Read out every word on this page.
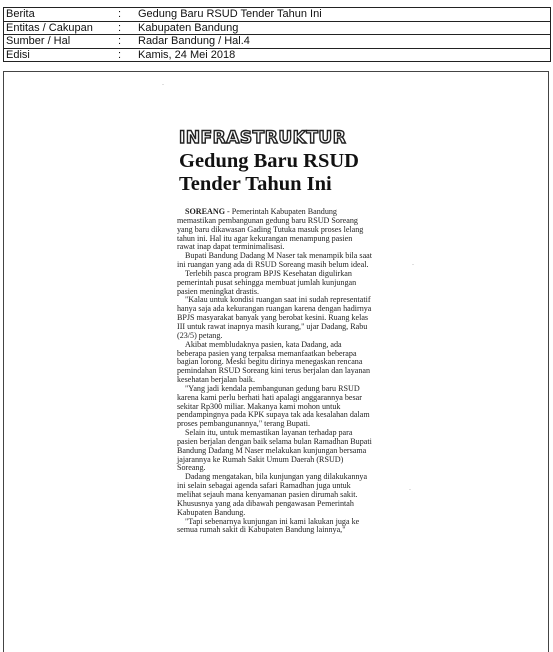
Berita	:	Gedung Baru RSUD Tender Tahun Ini
Entitas / Cakupan	:	Kabupaten Bandung
Sumber / Hal	:	Radar Bandung / Hal.4
Edisi	:	Kamis, 24 Mei 2018
INFRASTRUKTUR
Gedung Baru RSUD
Tender Tahun Ini

SOREANG - Pemerintah Kabupaten Bandung memastikan pembangunan gedung baru RSUD Soreang yang baru dikawasan Gading Tutuka masuk proses lelang tahun ini. Hal itu agar kekurangan menampung pasien rawat inap dapat terminimalisasi.

Bupati Bandung Dadang M Naser tak menampik bila saat ini ruangan yang ada di RSUD Soreang masih belum ideal.

Terlebih pasca program BPJS Kesehatan digulirkan pemerintah pusat sehingga membuat jumlah kunjungan pasien meningkat drastis.

"Kalau untuk kondisi ruangan saat ini sudah representatif hanya saja ada kekurangan ruangan karena dengan hadirnya BPJS masyarakat banyak yang berobat kesini. Ruang kelas III untuk rawat inapnya masih kurang," ujar Dadang, Rabu (23/5) petang.

Akibat membludaknya pasien, kata Dadang, ada beberapa pasien yang terpaksa memanfaatkan beberapa bagian lorong. Meski begitu dirinya menegaskan rencana pemindahan RSUD Soreang kini terus berjalan dan layanan kesehatan berjalan baik.

"Yang jadi kendala pembangunan gedung baru RSUD karena kami perlu berhati hati apalagi anggarannya besar sekitar Rp300 miliar. Makanya kami mohon untuk pendampingnya pada KPK supaya tak ada kesalahan dalam proses pembangunannya," terang Bupati.

Selain itu, untuk memastikan layanan terhadap para pasien berjalan dengan baik selama bulan Ramadhan Bupati Bandung Dadang M Naser melakukan kunjungan bersama jajarannya ke Rumah Sakit Umum Daerah (RSUD) Soreang.

Dadang mengatakan, bila kunjungan yang dilakukannya ini selain sebagai agenda safari Ramadhan juga untuk melihat sejauh mana kenyamanan pasien dirumah sakit. Khususnya yang ada dibawah pengawasan Pemerintah Kabupaten Bandung.

"Tapi sebenarnya kunjungan ini kami lakukan juga ke semua rumah sakit di Kabupaten Bandung lainnya,"

·
·
·
